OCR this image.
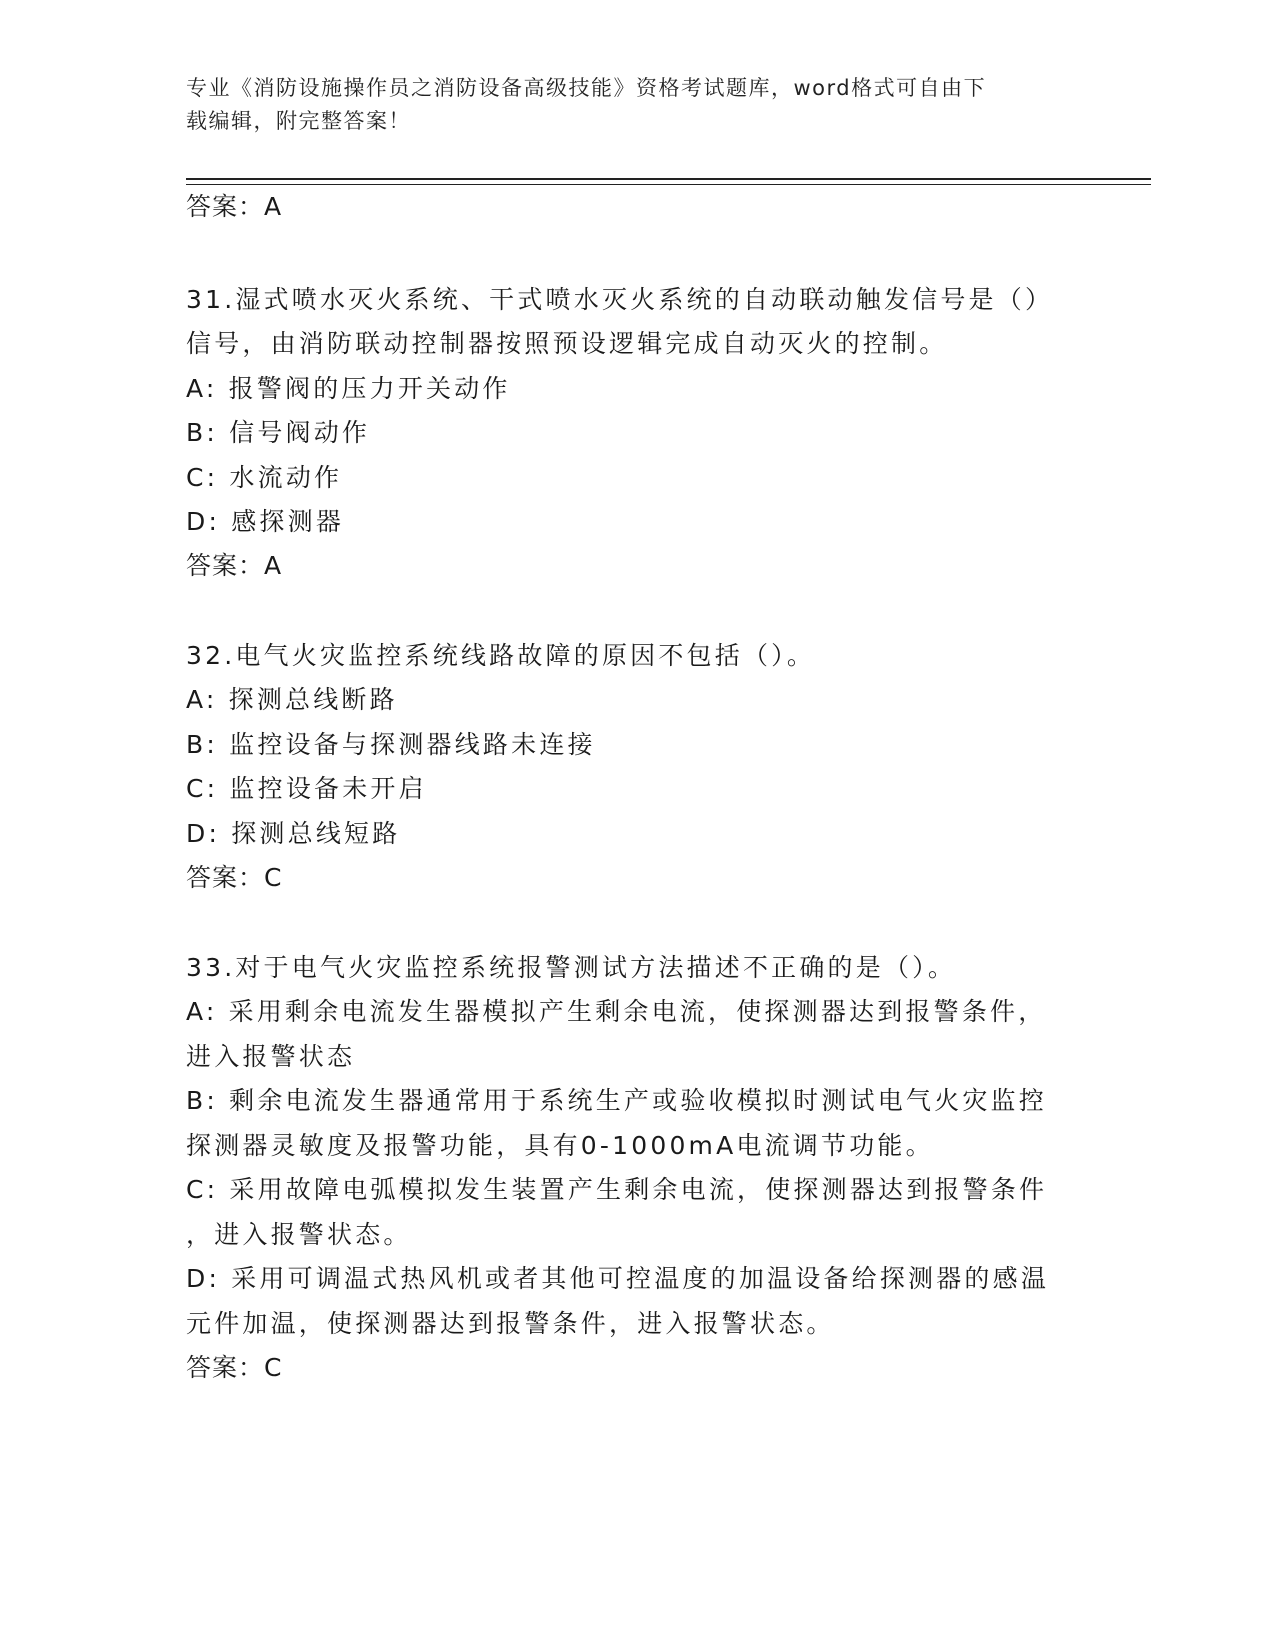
专业《消防设施操作员之消防设备高级技能》资格考试题库，word格式可自由下
载编辑，附完整答案！
答案：A
31.湿式喷水灭火系统、干式喷水灭火系统的自动联动触发信号是（）
信号，由消防联动控制器按照预设逻辑完成自动灭火的控制。
A: 报警阀的压力开关动作
B: 信号阀动作
C: 水流动作
D: 感探测器
答案：A
32.电气火灾监控系统线路故障的原因不包括（）。
A: 探测总线断路
B: 监控设备与探测器线路未连接
C: 监控设备未开启
D: 探测总线短路
答案：C
33.对于电气火灾监控系统报警测试方法描述不正确的是（）。
A: 采用剩余电流发生器模拟产生剩余电流，使探测器达到报警条件，
进入报警状态
B: 剩余电流发生器通常用于系统生产或验收模拟时测试电气火灾监控
探测器灵敏度及报警功能，具有0-1000mA电流调节功能。
C: 采用故障电弧模拟发生装置产生剩余电流，使探测器达到报警条件
，进入报警状态。
D: 采用可调温式热风机或者其他可控温度的加温设备给探测器的感温
元件加温，使探测器达到报警条件，进入报警状态。
答案：C
